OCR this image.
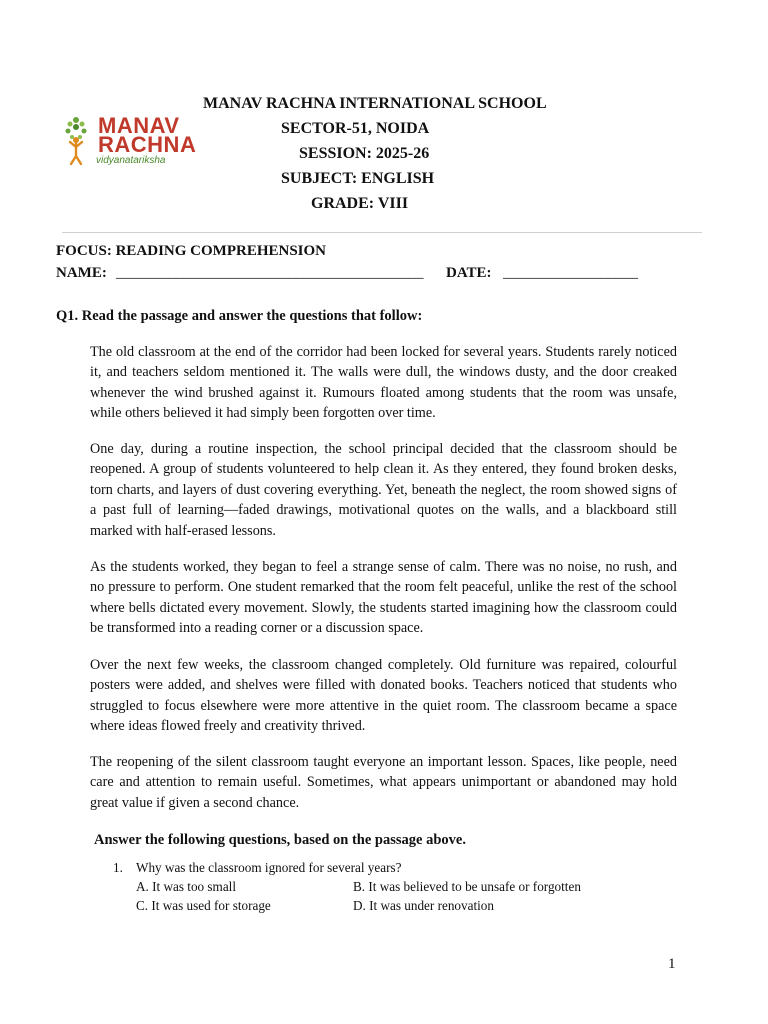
MANAV
RACHNA
vidyanatariksha
MANAV RACHNA INTERNATIONAL SCHOOL
SECTOR-51, NOIDA
SESSION: 2025-26
SUBJECT: ENGLISH
GRADE: VIII
FOCUS: READING COMPREHENSION
NAME: _________________________________________ DATE: __________________
Q1. Read the passage and answer the questions that follow:
The old classroom at the end of the corridor had been locked for several years. Students rarely noticed it, and teachers seldom mentioned it. The walls were dull, the windows dusty, and the door creaked whenever the wind brushed against it. Rumours floated among students that the room was unsafe, while others believed it had simply been forgotten over time.
One day, during a routine inspection, the school principal decided that the classroom should be reopened. A group of students volunteered to help clean it. As they entered, they found broken desks, torn charts, and layers of dust covering everything. Yet, beneath the neglect, the room showed signs of a past full of learning—faded drawings, motivational quotes on the walls, and a blackboard still marked with half-erased lessons.
As the students worked, they began to feel a strange sense of calm. There was no noise, no rush, and no pressure to perform. One student remarked that the room felt peaceful, unlike the rest of the school where bells dictated every movement. Slowly, the students started imagining how the classroom could be transformed into a reading corner or a discussion space.
Over the next few weeks, the classroom changed completely. Old furniture was repaired, colourful posters were added, and shelves were filled with donated books. Teachers noticed that students who struggled to focus elsewhere were more attentive in the quiet room. The classroom became a space where ideas flowed freely and creativity thrived.
The reopening of the silent classroom taught everyone an important lesson. Spaces, like people, need care and attention to remain useful. Sometimes, what appears unimportant or abandoned may hold great value if given a second chance.
Answer the following questions, based on the passage above.
1. Why was the classroom ignored for several years?
A. It was too small	B. It was believed to be unsafe or forgotten
C. It was used for storage	D. It was under renovation
1
